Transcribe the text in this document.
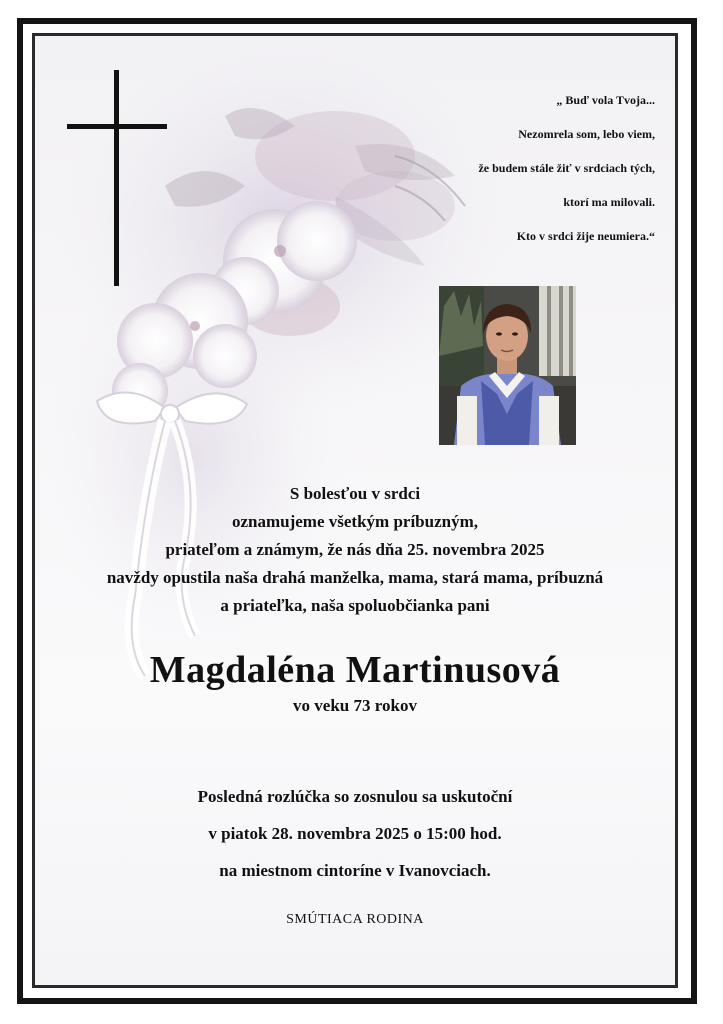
„ Buď vola Tvoja...
Nezomrela som, lebo viem,
že budem stále žiť v srdciach tých,
ktorí ma milovali.
Kto v srdci žije neumiera.“
S bolesťou v srdci
oznamujeme všetkým príbuzným,
priateľom a známym, že nás dňa 25. novembra 2025
navždy opustila naša drahá manželka, mama, stará mama, príbuzná
a priateľka, naša spoluobčianka pani
Magdaléna Martinusová
vo veku 73 rokov
Posledná rozlúčka so zosnulou sa uskutoční
v piatok 28. novembra 2025 o 15:00 hod.
na miestnom cintoríne v Ivanovciach.
SMÚTIACA RODINA
